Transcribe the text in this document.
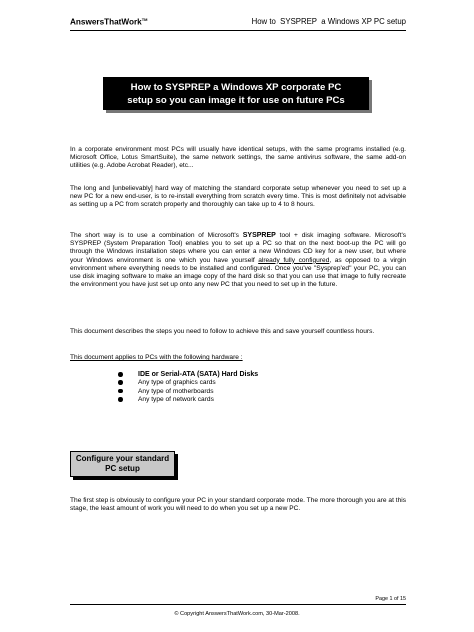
AnswersThatWork™	How to  SYSPREP  a Windows XP PC setup
How to SYSPREP a Windows XP corporate PC
setup so you can image it for use on future PCs

In a corporate environment most PCs will usually have identical setups, with the same programs installed (e.g. Microsoft Office, Lotus SmartSuite), the same network settings, the same antivirus software, the same add-on utilities (e.g. Adobe Acrobat Reader), etc...

The long and [unbelievably] hard way of matching the standard corporate setup whenever you need to set up a new PC for a new end-user, is to re-install everything from scratch every time. This is most definitely not advisable as setting up a PC from scratch properly and thoroughly can take up to 4 to 8 hours.

The short way is to use a combination of Microsoft's SYSPREP tool + disk imaging software. Microsoft's SYSPREP (System Preparation Tool) enables you to set up a PC so that on the next boot-up the PC will go through the Windows installation steps where you can enter a new Windows CD key for a new user, but where your Windows environment is one which you have yourself already fully configured, as opposed to a virgin environment where everything needs to be installed and configured. Once you've "Sysprep'ed" your PC, you can use disk imaging software to make an image copy of the hard disk so that you can use that image to fully recreate the environment you have just set up onto any new PC that you need to set up in the future.

This document describes the steps you need to follow to achieve this and save yourself countless hours.

This document applies to PCs with the following hardware :

IDE or Serial-ATA (SATA) Hard Disks
Any type of graphics cards
Any type of motherboards
Any type of network cards
Configure your standard
PC setup

The first step is obviously to configure your PC in your standard corporate mode. The more thorough you are at this stage, the least amount of work you will need to do when you set up a new PC.

Page 1 of 15
© Copyright AnswersThatWork.com, 30-Mar-2008.
